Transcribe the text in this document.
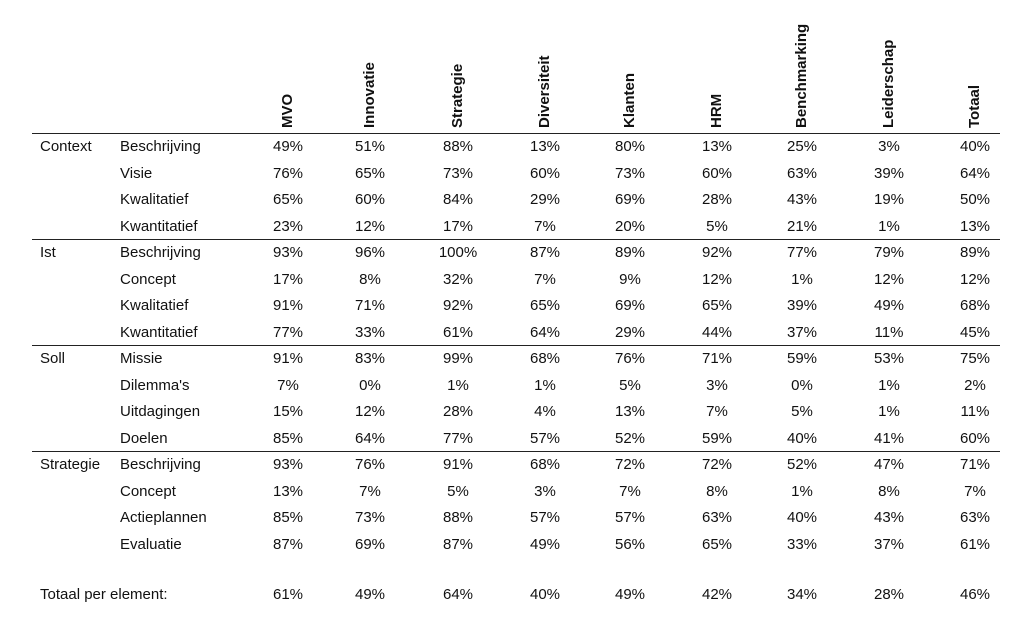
MVO	Innovatie	Strategie	Diversiteit	Klanten	HRM	Benchmarking	Leiderschap	Totaal
Context Beschrijving	49%	51%	88%	13%	80%	13%	25%	3%	40%
Visie	76%	65%	73%	60%	73%	60%	63%	39%	64%
Kwalitatief	65%	60%	84%	29%	69%	28%	43%	19%	50%
Kwantitatief	23%	12%	17%	7%	20%	5%	21%	1%	13%
Ist	Beschrijving	93%	96%	100%	87%	89%	92%	77%	79%	89%
Concept	17%	8%	32%	7%	9%	12%	1%	12%	12%
Kwalitatief	91%	71%	92%	65%	69%	65%	39%	49%	68%
Kwantitatief	77%	33%	61%	64%	29%	44%	37%	11%	45%
Soll	Missie	91%	83%	99%	68%	76%	71%	59%	53%	75%
Dilemma's	7%	0%	1%	1%	5%	3%	0%	1%	2%
Uitdagingen	15%	12%	28%	4%	13%	7%	5%	1%	11%
Doelen	85%	64%	77%	57%	52%	59%	40%	41%	60%
Strategie Beschrijving	93%	76%	91%	68%	72%	72%	52%	47%	71%
Concept	13%	7%	5%	3%	7%	8%	1%	8%	7%
Actieplannen	85%	73%	88%	57%	57%	63%	40%	43%	63%
Evaluatie	87%	69%	87%	49%	56%	65%	33%	37%	61%
Totaal per element:	61%	49%	64%	40%	49%	42%	34%	28%	46%
